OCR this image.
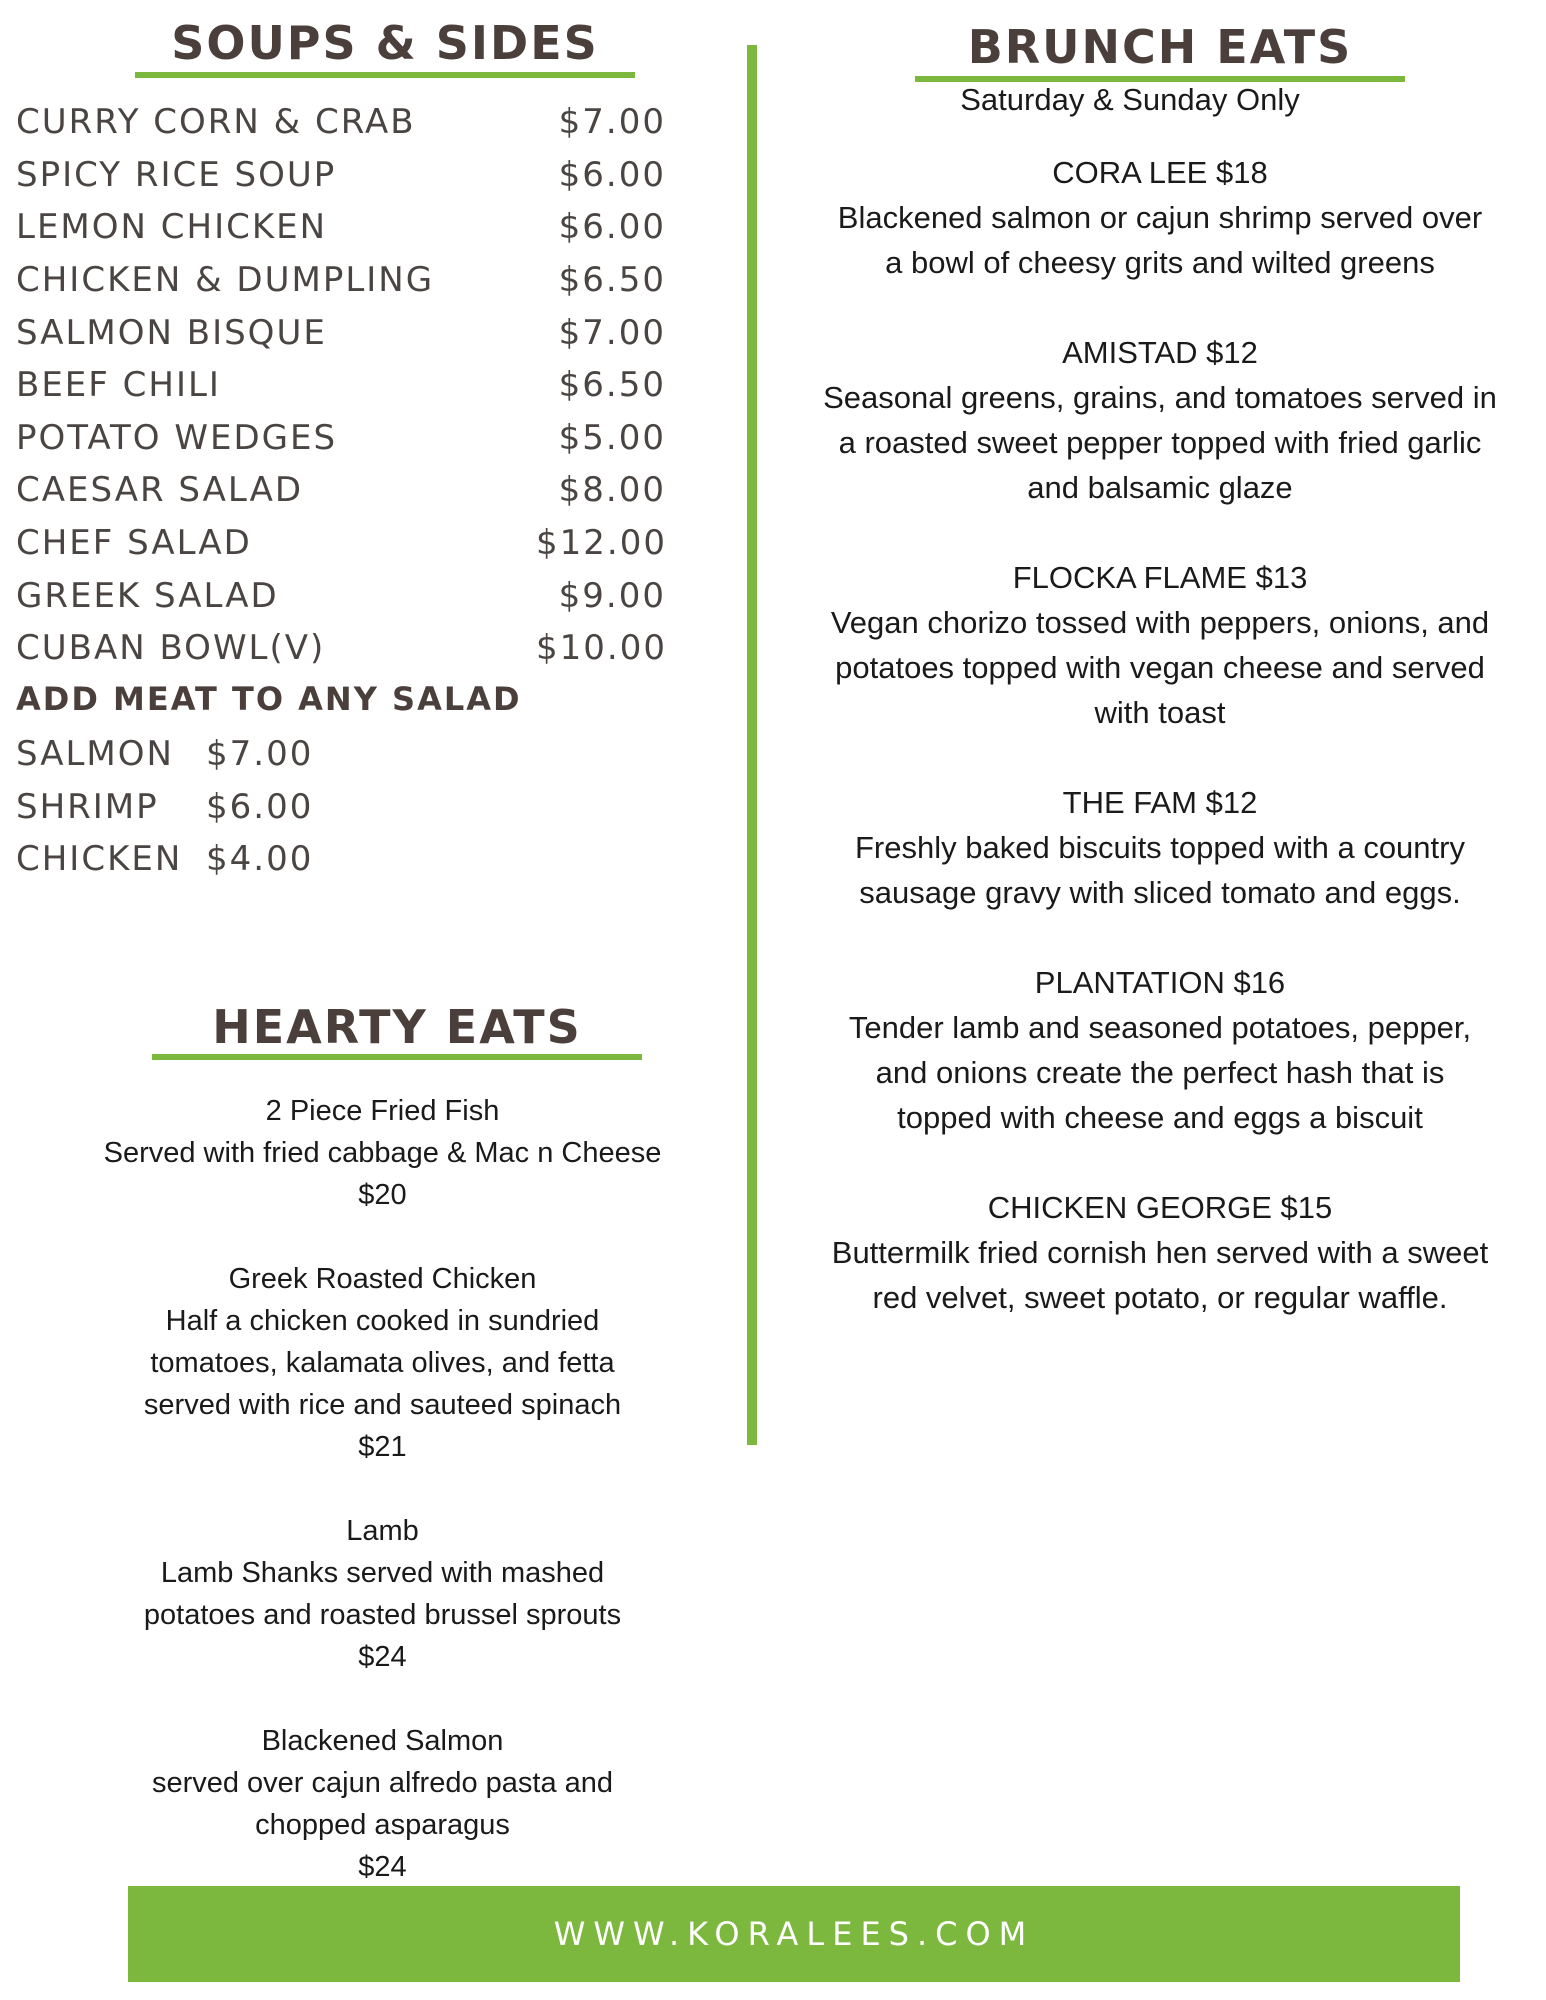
SOUPS & SIDES
CURRY CORN & CRAB	$7.00
SPICY RICE SOUP	$6.00
LEMON CHICKEN	$6.00
CHICKEN & DUMPLING	$6.50
SALMON BISQUE	$7.00
BEEF CHILI	$6.50
POTATO WEDGES	$5.00
CAESAR SALAD	$8.00
CHEF SALAD	$12.00
GREEK SALAD	$9.00
CUBAN BOWL(V)	$10.00
ADD MEAT TO ANY SALAD
SALMON $7.00
SHRIMP	$6.00
CHICKEN $4.00
HEARTY EATS
2 Piece Fried Fish
Served with fried cabbage & Mac n Cheese
$20
Greek Roasted Chicken
Half a chicken cooked in sundried
tomatoes, kalamata olives, and fetta
served with rice and sauteed spinach
$21
Lamb
Lamb Shanks served with mashed
potatoes and roasted brussel sprouts
$24
Blackened Salmon
served over cajun alfredo pasta and
chopped asparagus
$24
BRUNCH EATS
Saturday & Sunday Only
CORA LEE $18
Blackened salmon or cajun shrimp served over
a bowl of cheesy grits and wilted greens
AMISTAD $12
Seasonal greens, grains, and tomatoes served in
a roasted sweet pepper topped with fried garlic
and balsamic glaze
FLOCKA FLAME $13
Vegan chorizo tossed with peppers, onions, and
potatoes topped with vegan cheese and served
with toast
THE FAM $12
Freshly baked biscuits topped with a country
sausage gravy with sliced tomato and eggs.
PLANTATION $16
Tender lamb and seasoned potatoes, pepper,
and onions create the perfect hash that is
topped with cheese and eggs a biscuit
CHICKEN GEORGE $15
Buttermilk fried cornish hen served with a sweet
red velvet, sweet potato, or regular waffle.
WWW.KORALEES.COM
